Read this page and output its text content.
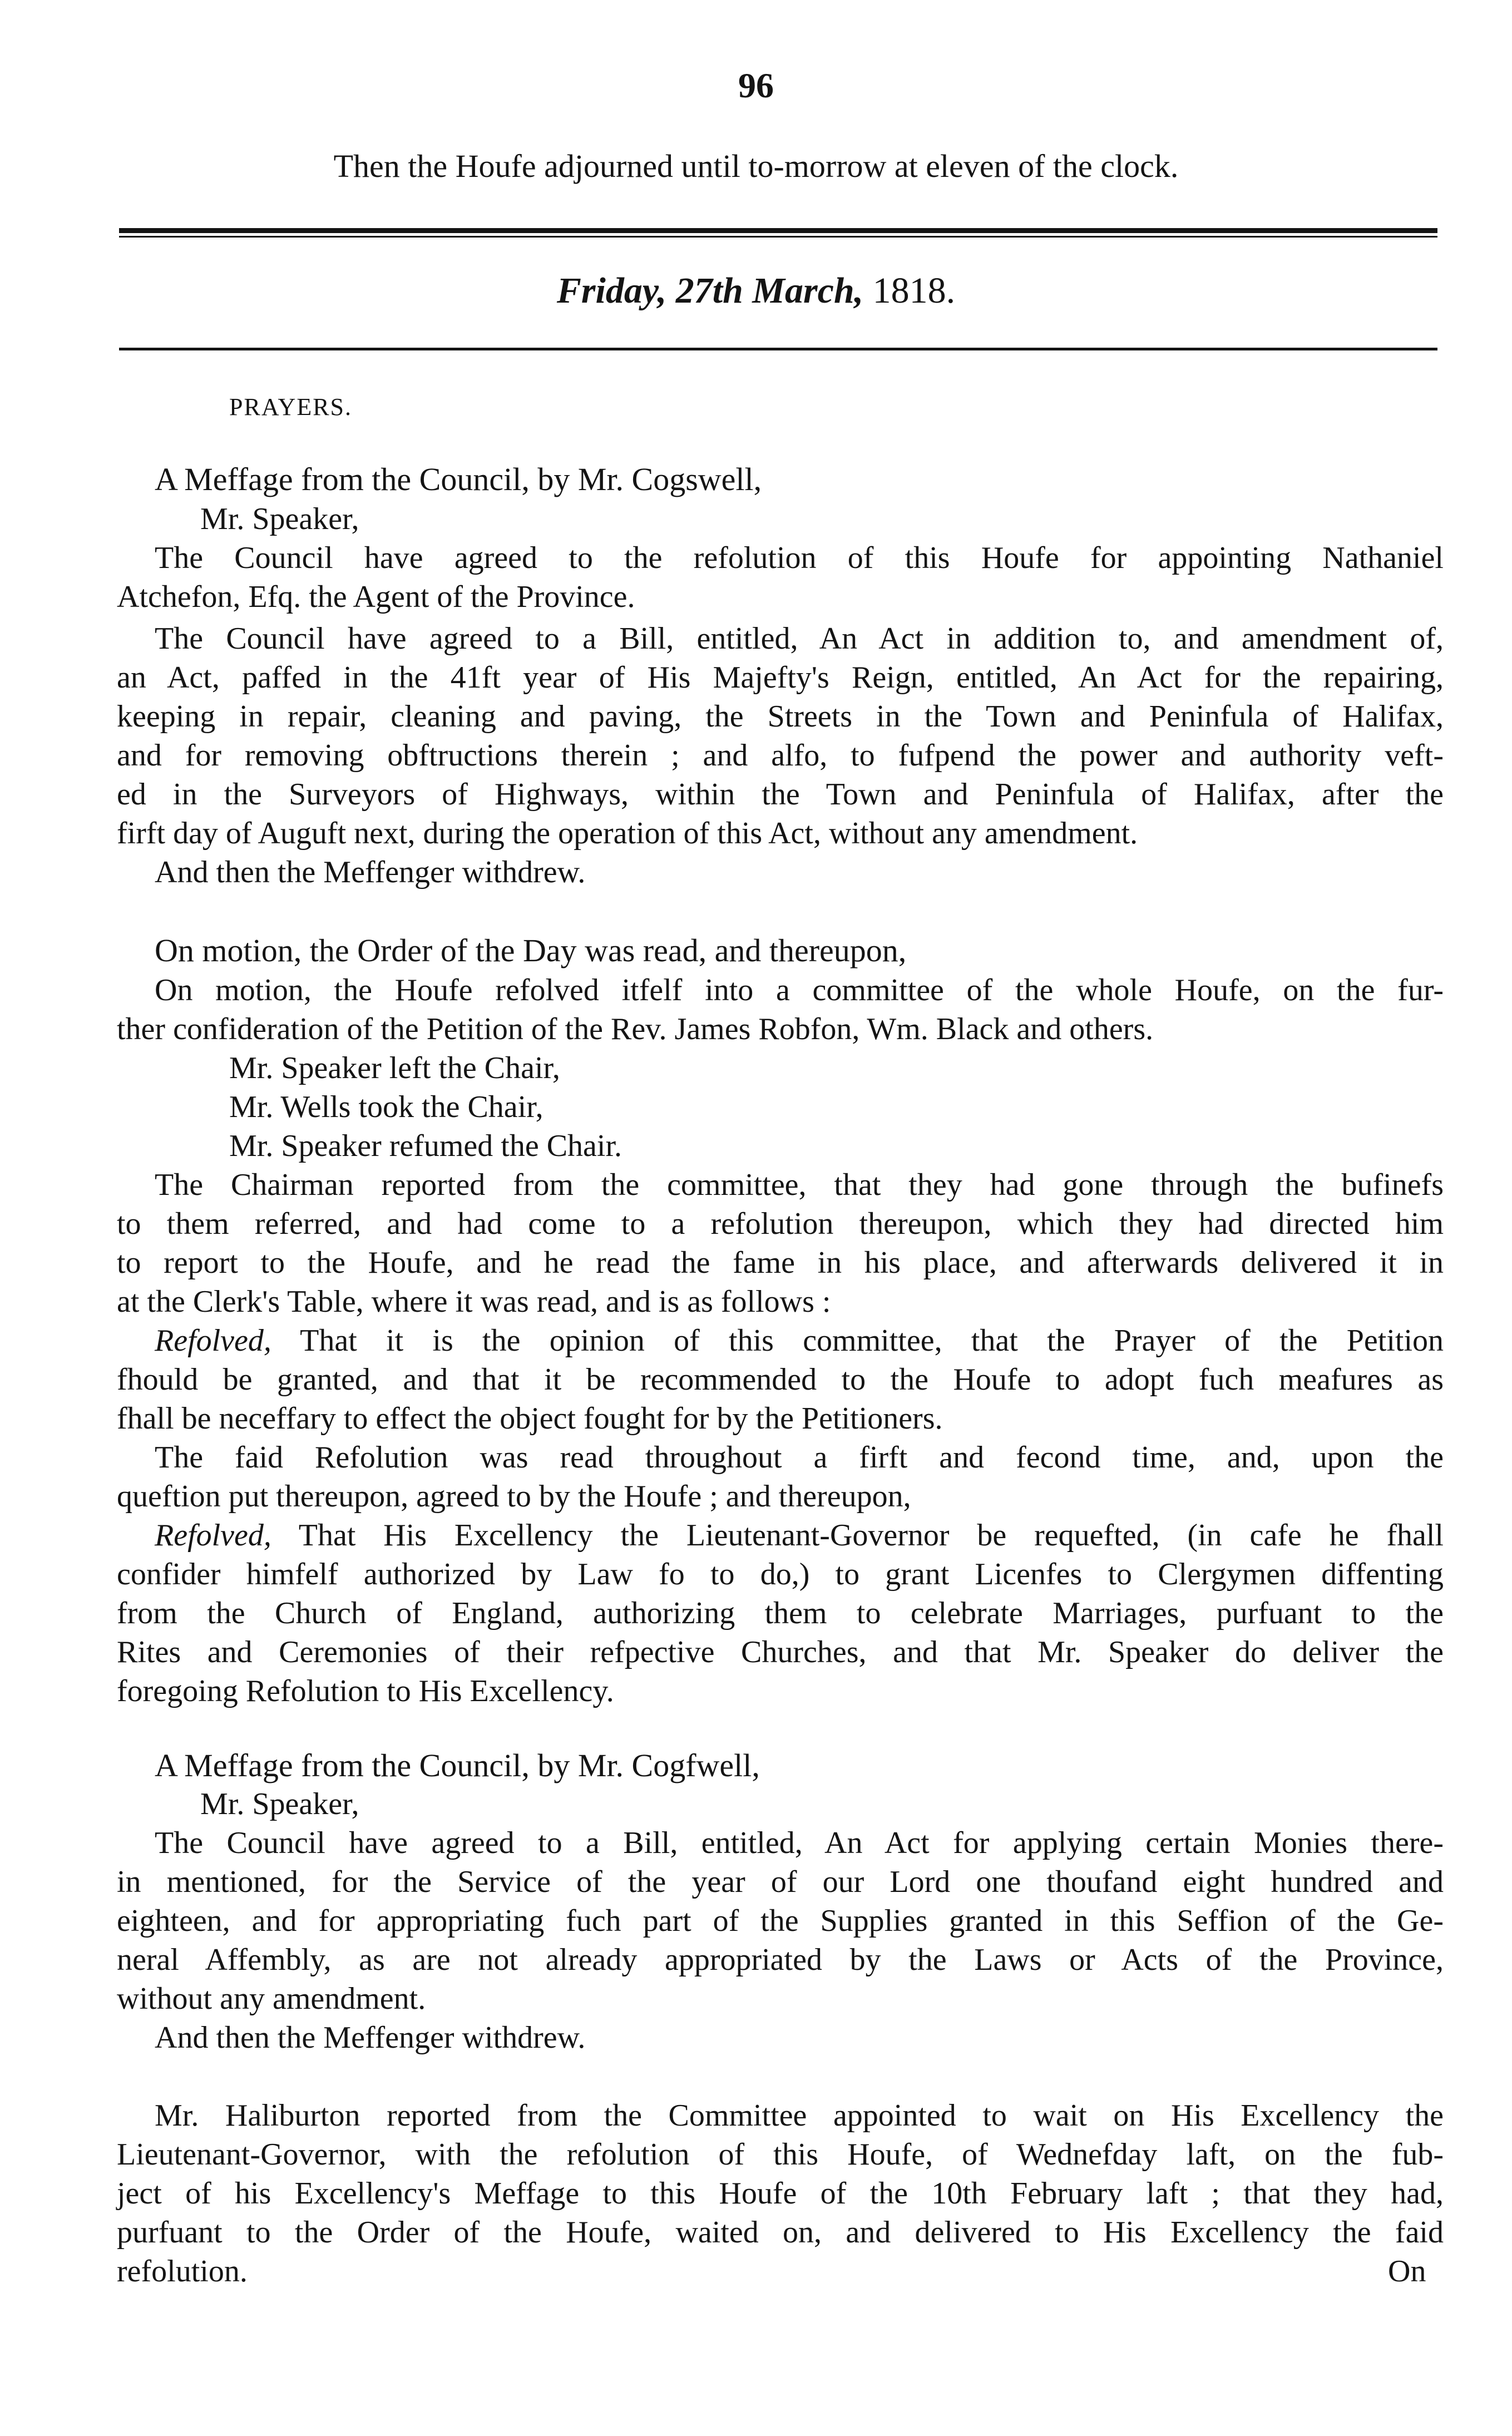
96
Then the Houfe adjourned until to-morrow at eleven of the clock.
Friday, 27th March, 1818.
PRAYERS.
A Meffage from the Council, by Mr. Cogswell,
Mr. Speaker,
The Council have agreed to the refolution of this Houfe for appointing Nathaniel
Atchefon, Efq. the Agent of the Province.
The Council have agreed to a Bill, entitled, An Act in addition to, and amendment of,
an Act, paffed in the 41ft year of His Majefty's Reign, entitled, An Act for the repairing,
keeping in repair, cleaning and paving, the Streets in the Town and Peninfula of Halifax,
and for removing obftructions therein ; and alfo, to fufpend the power and authority veft-
ed in the Surveyors of Highways, within the Town and Peninfula of Halifax, after the
firft day of Auguft next, during the operation of this Act, without any amendment.
And then the Meffenger withdrew.
On motion, the Order of the Day was read, and thereupon,
On motion, the Houfe refolved itfelf into a committee of the whole Houfe, on the fur-
ther confideration of the Petition of the Rev. James Robfon, Wm. Black and others.
Mr. Speaker left the Chair,
Mr. Wells took the Chair,
Mr. Speaker refumed the Chair.
The Chairman reported from the committee, that they had gone through the bufinefs
to them referred, and had come to a refolution thereupon, which they had directed him
to report to the Houfe, and he read the fame in his place, and afterwards delivered it in
at the Clerk's Table, where it was read, and is as follows :
Refolved, That it is the opinion of this committee, that the Prayer of the Petition
fhould be granted, and that it be recommended to the Houfe to adopt fuch meafures as
fhall be neceffary to effect the object fought for by the Petitioners.
The faid Refolution was read throughout a firft and fecond time, and, upon the
queftion put thereupon, agreed to by the Houfe ; and thereupon,
Refolved, That His Excellency the Lieutenant-Governor be requefted, (in cafe he fhall
confider himfelf authorized by Law fo to do,) to grant Licenfes to Clergymen diffenting
from the Church of England, authorizing them to celebrate Marriages, purfuant to the
Rites and Ceremonies of their refpective Churches, and that Mr. Speaker do deliver the
foregoing Refolution to His Excellency.
A Meffage from the Council, by Mr. Cogfwell,
Mr. Speaker,
The Council have agreed to a Bill, entitled, An Act for applying certain Monies there-
in mentioned, for the Service of the year of our Lord one thoufand eight hundred and
eighteen, and for appropriating fuch part of the Supplies granted in this Seffion of the Ge-
neral Affembly, as are not already appropriated by the Laws or Acts of the Province,
without any amendment.
And then the Meffenger withdrew.
Mr. Haliburton reported from the Committee appointed to wait on His Excellency the
Lieutenant-Governor, with the refolution of this Houfe, of Wednefday laft, on the fub-
ject of his Excellency's Meffage to this Houfe of the 10th February laft ; that they had,
purfuant to the Order of the Houfe, waited on, and delivered to His Excellency the faid
refolution.	On
